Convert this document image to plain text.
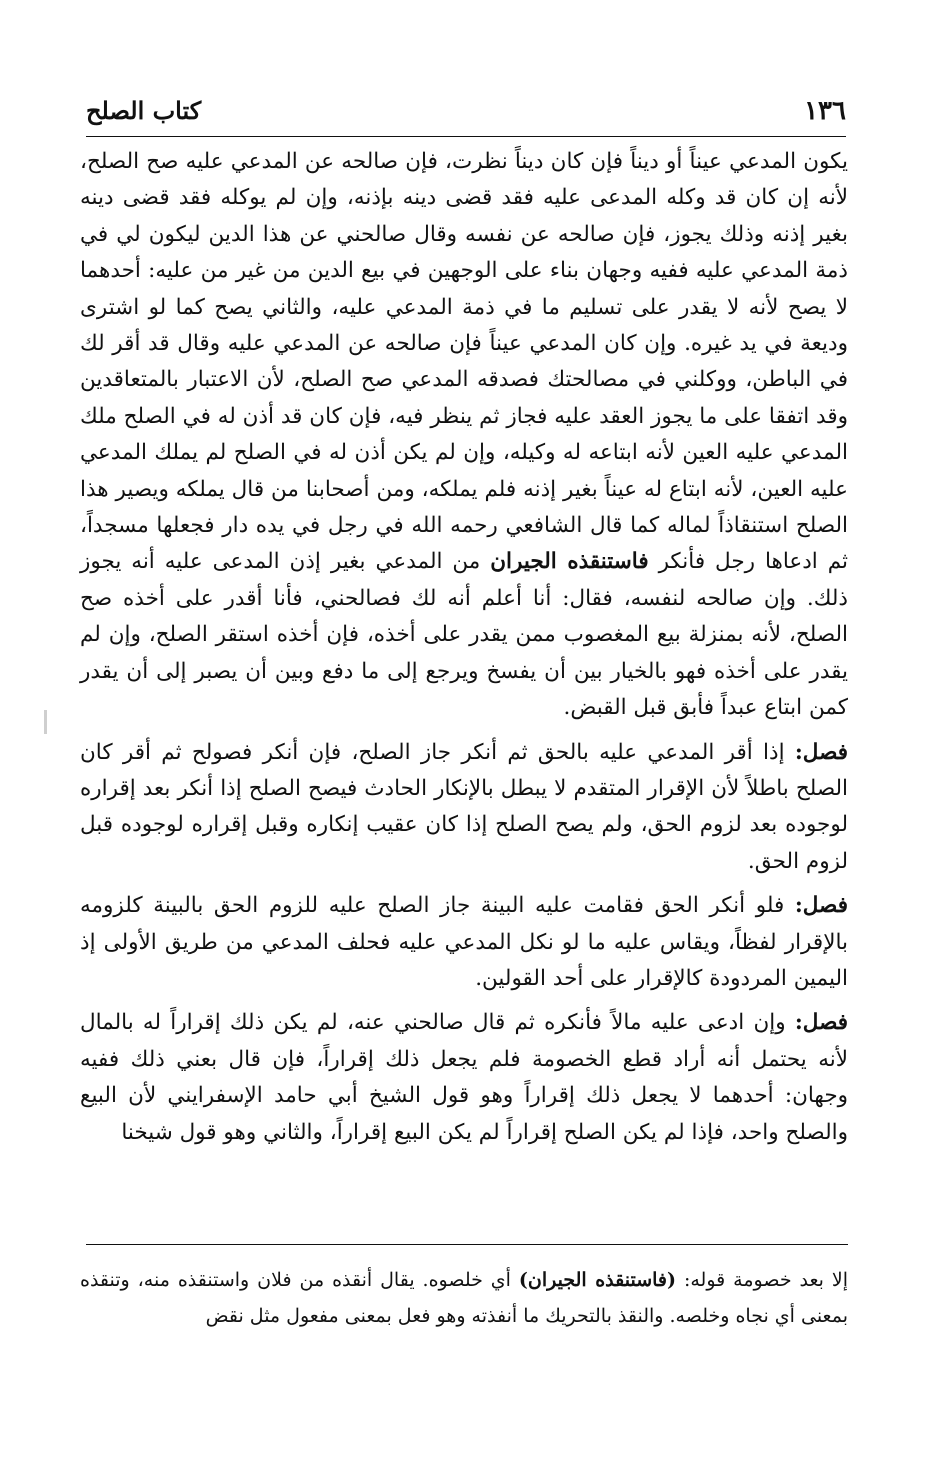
١٣٦
كتاب الصلح

يكون المدعي عيناً أو ديناً فإن كان ديناً نظرت، فإن صالحه عن المدعي عليه صح الصلح، لأنه إن كان قد وكله المدعى عليه فقد قضى دينه بإذنه، وإن لم يوكله فقد قضى دينه بغير إذنه وذلك يجوز، فإن صالحه عن نفسه وقال صالحني عن هذا الدين ليكون لي في ذمة المدعي عليه ففيه وجهان بناء على الوجهين في بيع الدين من غير من عليه: أحدهما لا يصح لأنه لا يقدر على تسليم ما في ذمة المدعي عليه، والثاني يصح كما لو اشترى وديعة في يد غيره. وإن كان المدعي عيناً فإن صالحه عن المدعي عليه وقال قد أقر لك في الباطن، ووكلني في مصالحتك فصدقه المدعي صح الصلح، لأن الاعتبار بالمتعاقدين وقد اتفقا على ما يجوز العقد عليه فجاز ثم ينظر فيه، فإن كان قد أذن له في الصلح ملك المدعي عليه العين لأنه ابتاعه له وكيله، وإن لم يكن أذن له في الصلح لم يملك المدعي عليه العين، لأنه ابتاع له عيناً بغير إذنه فلم يملكه، ومن أصحابنا من قال يملكه ويصير هذا الصلح استنقاذاً لماله كما قال الشافعي رحمه الله في رجل في يده دار فجعلها مسجداً، ثم ادعاها رجل فأنكر فاستنقذه الجيران من المدعي بغير إذن المدعى عليه أنه يجوز ذلك. وإن صالحه لنفسه، فقال: أنا أعلم أنه لك فصالحني، فأنا أقدر على أخذه صح الصلح، لأنه بمنزلة بيع المغصوب ممن يقدر على أخذه، فإن أخذه استقر الصلح، وإن لم يقدر على أخذه فهو بالخيار بين أن يفسخ ويرجع إلى ما دفع وبين أن يصبر إلى أن يقدر كمن ابتاع عبداً فأبق قبل القبض.

فصل: إذا أقر المدعي عليه بالحق ثم أنكر جاز الصلح، فإن أنكر فصولح ثم أقر كان الصلح باطلاً لأن الإقرار المتقدم لا يبطل بالإنكار الحادث فيصح الصلح إذا أنكر بعد إقراره لوجوده بعد لزوم الحق، ولم يصح الصلح إذا كان عقيب إنكاره وقبل إقراره لوجوده قبل لزوم الحق.

فصل: فلو أنكر الحق فقامت عليه البينة جاز الصلح عليه للزوم الحق بالبينة كلزومه بالإقرار لفظاً، ويقاس عليه ما لو نكل المدعي عليه فحلف المدعي من طريق الأولى إذ اليمين المردودة كالإقرار على أحد القولين.

فصل: وإن ادعى عليه مالاً فأنكره ثم قال صالحني عنه، لم يكن ذلك إقراراً له بالمال لأنه يحتمل أنه أراد قطع الخصومة فلم يجعل ذلك إقراراً، فإن قال بعني ذلك ففيه وجهان: أحدهما لا يجعل ذلك إقراراً وهو قول الشيخ أبي حامد الإسفرايني لأن البيع والصلح واحد، فإذا لم يكن الصلح إقراراً لم يكن البيع إقراراً، والثاني وهو قول شيخنا

إلا بعد خصومة قوله: (فاستنقذه الجيران) أي خلصوه. يقال أنقذه من فلان واستنقذه منه، وتنقذه بمعنى أي نجاه وخلصه. والنقذ بالتحريك ما أنفذته وهو فعل بمعنى مفعول مثل نقض
